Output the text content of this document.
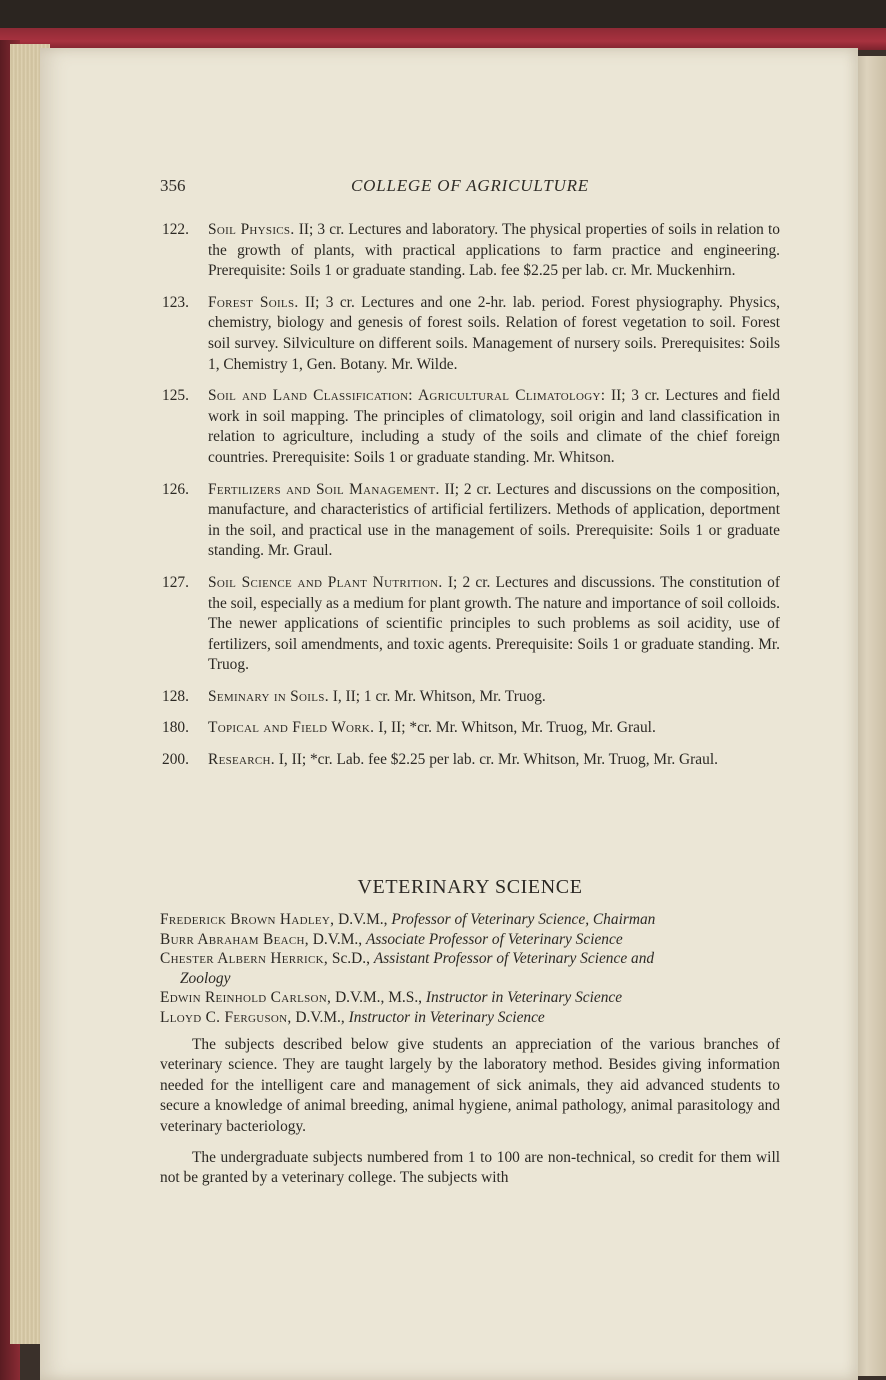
356	COLLEGE OF AGRICULTURE
122. Soil Physics. II; 3 cr. Lectures and laboratory. The physical properties of soils in relation to the growth of plants, with practical applications to farm practice and engineering. Prerequisite: Soils 1 or graduate standing. Lab. fee $2.25 per lab. cr. Mr. Muckenhirn.
123. Forest Soils. II; 3 cr. Lectures and one 2-hr. lab. period. Forest physiography. Physics, chemistry, biology and genesis of forest soils. Relation of forest vegetation to soil. Forest soil survey. Silviculture on different soils. Management of nursery soils. Prerequisites: Soils 1, Chemistry 1, Gen. Botany. Mr. Wilde.
125. Soil and Land Classification: Agricultural Climatology: II; 3 cr. Lectures and field work in soil mapping. The principles of climatology, soil origin and land classification in relation to agriculture, including a study of the soils and climate of the chief foreign countries. Prerequisite: Soils 1 or graduate standing. Mr. Whitson.
126. Fertilizers and Soil Management. II; 2 cr. Lectures and discussions on the composition, manufacture, and characteristics of artificial fertilizers. Methods of application, deportment in the soil, and practical use in the management of soils. Prerequisite: Soils 1 or graduate standing. Mr. Graul.
127. Soil Science and Plant Nutrition. I; 2 cr. Lectures and discussions. The constitution of the soil, especially as a medium for plant growth. The nature and importance of soil colloids. The newer applications of scientific principles to such problems as soil acidity, use of fertilizers, soil amendments, and toxic agents. Prerequisite: Soils 1 or graduate standing. Mr. Truog.
128. Seminary in Soils. I, II; 1 cr. Mr. Whitson, Mr. Truog.
180. Topical and Field Work. I, II; *cr. Mr. Whitson, Mr. Truog, Mr. Graul.
200. Research. I, II; *cr. Lab. fee $2.25 per lab. cr. Mr. Whitson, Mr. Truog, Mr. Graul.
VETERINARY SCIENCE
Frederick Brown Hadley, D.V.M., Professor of Veterinary Science, Chairman
Burr Abraham Beach, D.V.M., Associate Professor of Veterinary Science
Chester Albern Herrick, Sc.D., Assistant Professor of Veterinary Science and
Zoology
Edwin Reinhold Carlson, D.V.M., M.S., Instructor in Veterinary Science
Lloyd C. Ferguson, D.V.M., Instructor in Veterinary Science

The subjects described below give students an appreciation of the various branches of veterinary science. They are taught largely by the laboratory method. Besides giving information needed for the intelligent care and management of sick animals, they aid advanced students to secure a knowledge of animal breeding, animal hygiene, animal pathology, animal parasitology and veterinary bacteriology.

The undergraduate subjects numbered from 1 to 100 are non-technical, so credit for them will not be granted by a veterinary college. The subjects with
